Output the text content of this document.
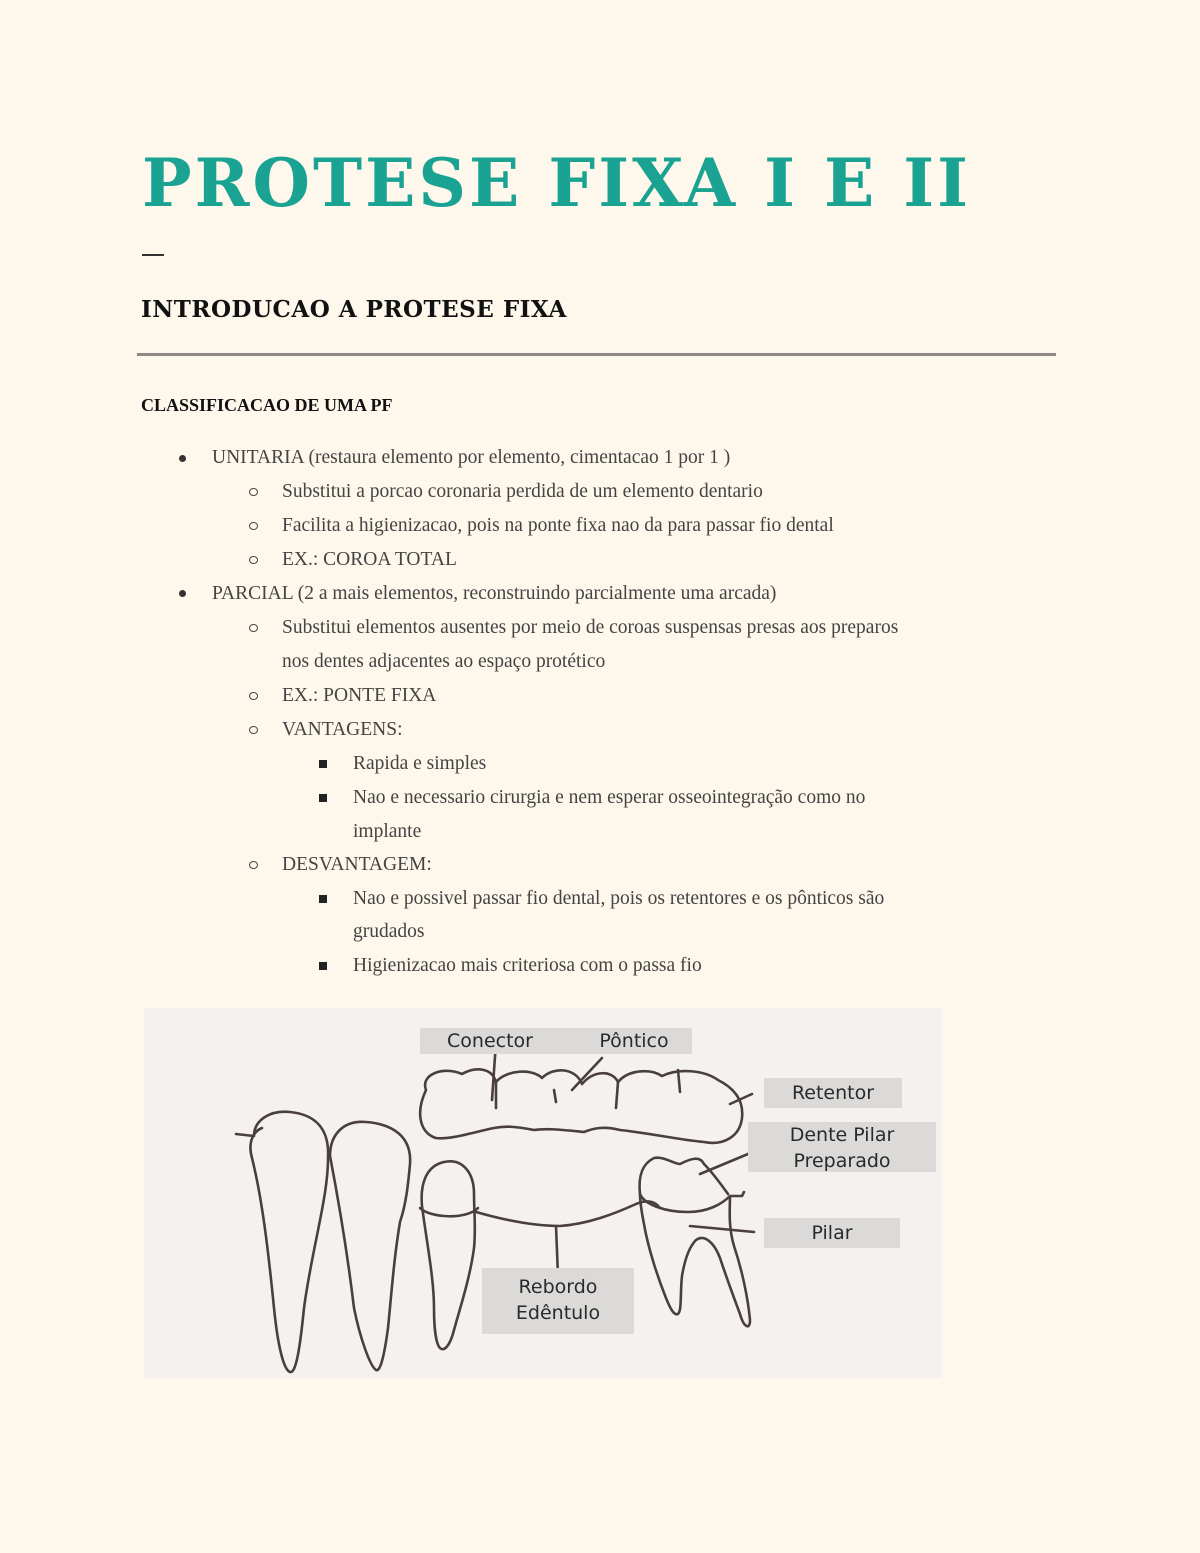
PROTESE FIXA I E II
INTRODUCAO A PROTESE FIXA
CLASSIFICACAO DE UMA PF
UNITARIA (restaura elemento por elemento, cimentacao 1 por 1 )
Substitui a porcao coronaria perdida de um elemento dentario
Facilita a higienizacao, pois na ponte fixa nao da para passar fio dental
EX.: COROA TOTAL
PARCIAL (2 a mais elementos, reconstruindo parcialmente uma arcada)
Substitui elementos ausentes por meio de coroas suspensas presas aos preparos
nos dentes adjacentes ao espaço protético
EX.: PONTE FIXA
VANTAGENS:
Rapida e simples
Nao e necessario cirurgia e nem esperar osseointegração como no
implante
DESVANTAGEM:
Nao e possivel passar fio dental, pois os retentores e os pônticos são
grudados
Higienizacao mais criteriosa com o passa fio
Conector	Pôntico
Retentor
Dente Pilar
Preparado
Pilar
Rebordo
Edêntulo
